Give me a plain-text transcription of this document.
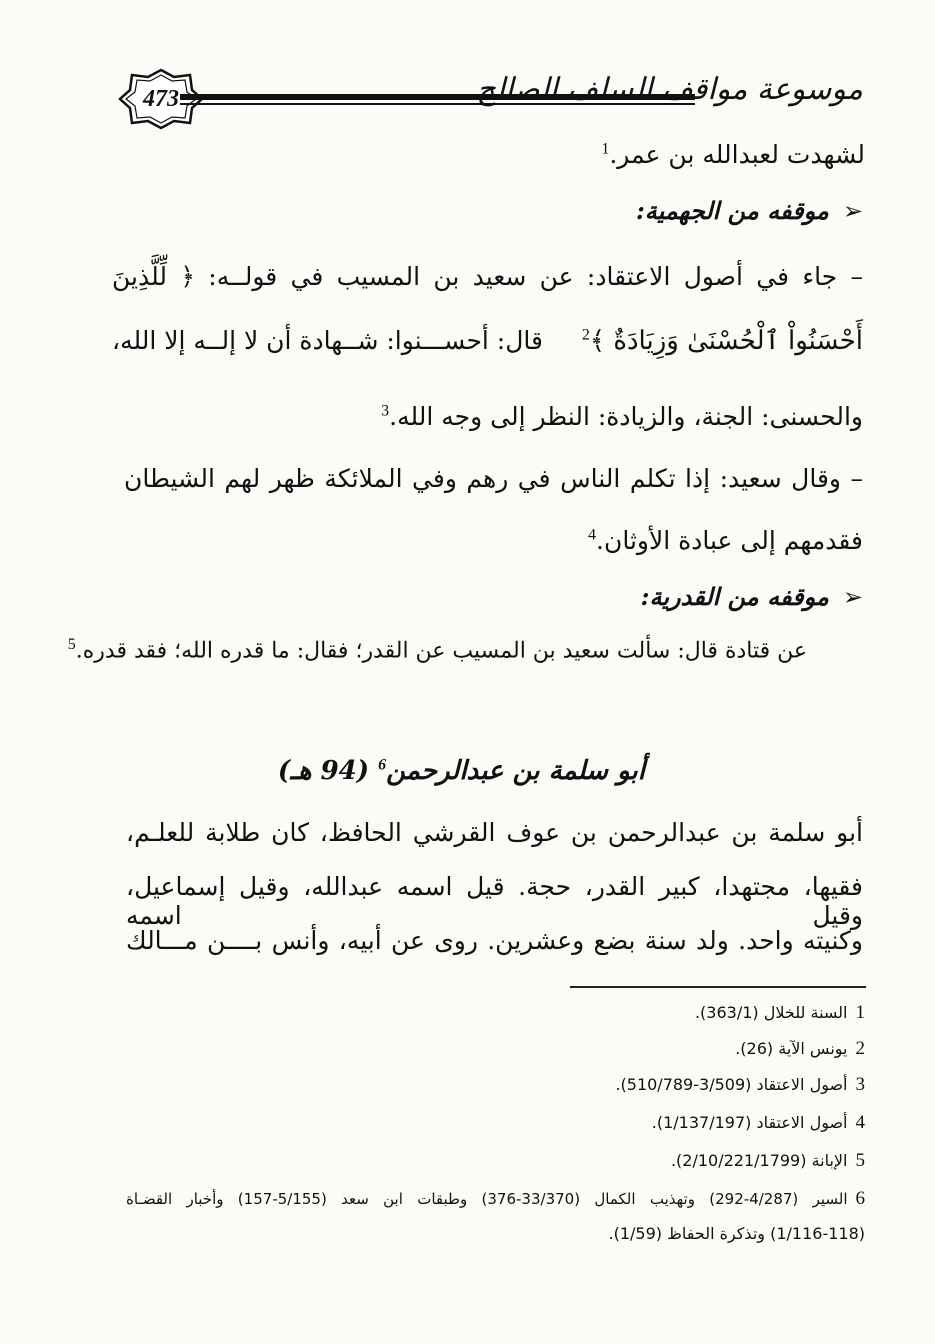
473	موسوعة مواقف السلف الصالح
لشهدت لعبدالله بن عمر.$^1$
➢موقفه من الجهمية:
– جاء في أصول الاعتقاد: عن سعيد بن المسيب في قولــه: ﴿ لِّلَّذِينَ
أَحْسَنُواْ ٱلْحُسْنَىٰ وَزِيَادَةٌ ﴾$^2$
قال: أحســـنوا: شــهادة أن لا إلــه إلا الله،
والحسنى: الجنة، والزيادة: النظر إلى وجه الله.$^3$
– وقال سعيد: إذا تكلم الناس في رهم وفي الملائكة ظهر لهم الشيطان
فقدمهم إلى عبادة الأوثان.$^4$
➢موقفه من القدرية:
عن قتادة قال: سألت سعيد بن المسيب عن القدر؛ فقال: ما قدره الله؛ فقد قدره.$^5$
أبو سلمة بن عبدالرحمن$^6$ (94 هـ)
أبو سلمة بن عبدالرحمن بن عوف القرشي الحافظ، كان طلابة للعلـم،
فقيها، مجتهدا، كبير القدر، حجة. قيل اسمه عبدالله، وقيل إسماعيل، وقيل اسمه
وكنيته واحد. ولد سنة بضع وعشرين. روى عن أبيه، وأنس بــــن مـــالك
1السنة للخلال (363/1).
2يونس الآية (26).
3أصول الاعتقاد (3/509-510/789).
4أصول الاعتقاد (1/137/197).
5الإبانة (2/10/221/1799).
6السير (4/287-292) وتهذيب الكمال (33/370-376) وطبقات ابن سعد (5/155-157) وأخبار القضـاة
(1/116-118) وتذكرة الحفاظ (1/59).
